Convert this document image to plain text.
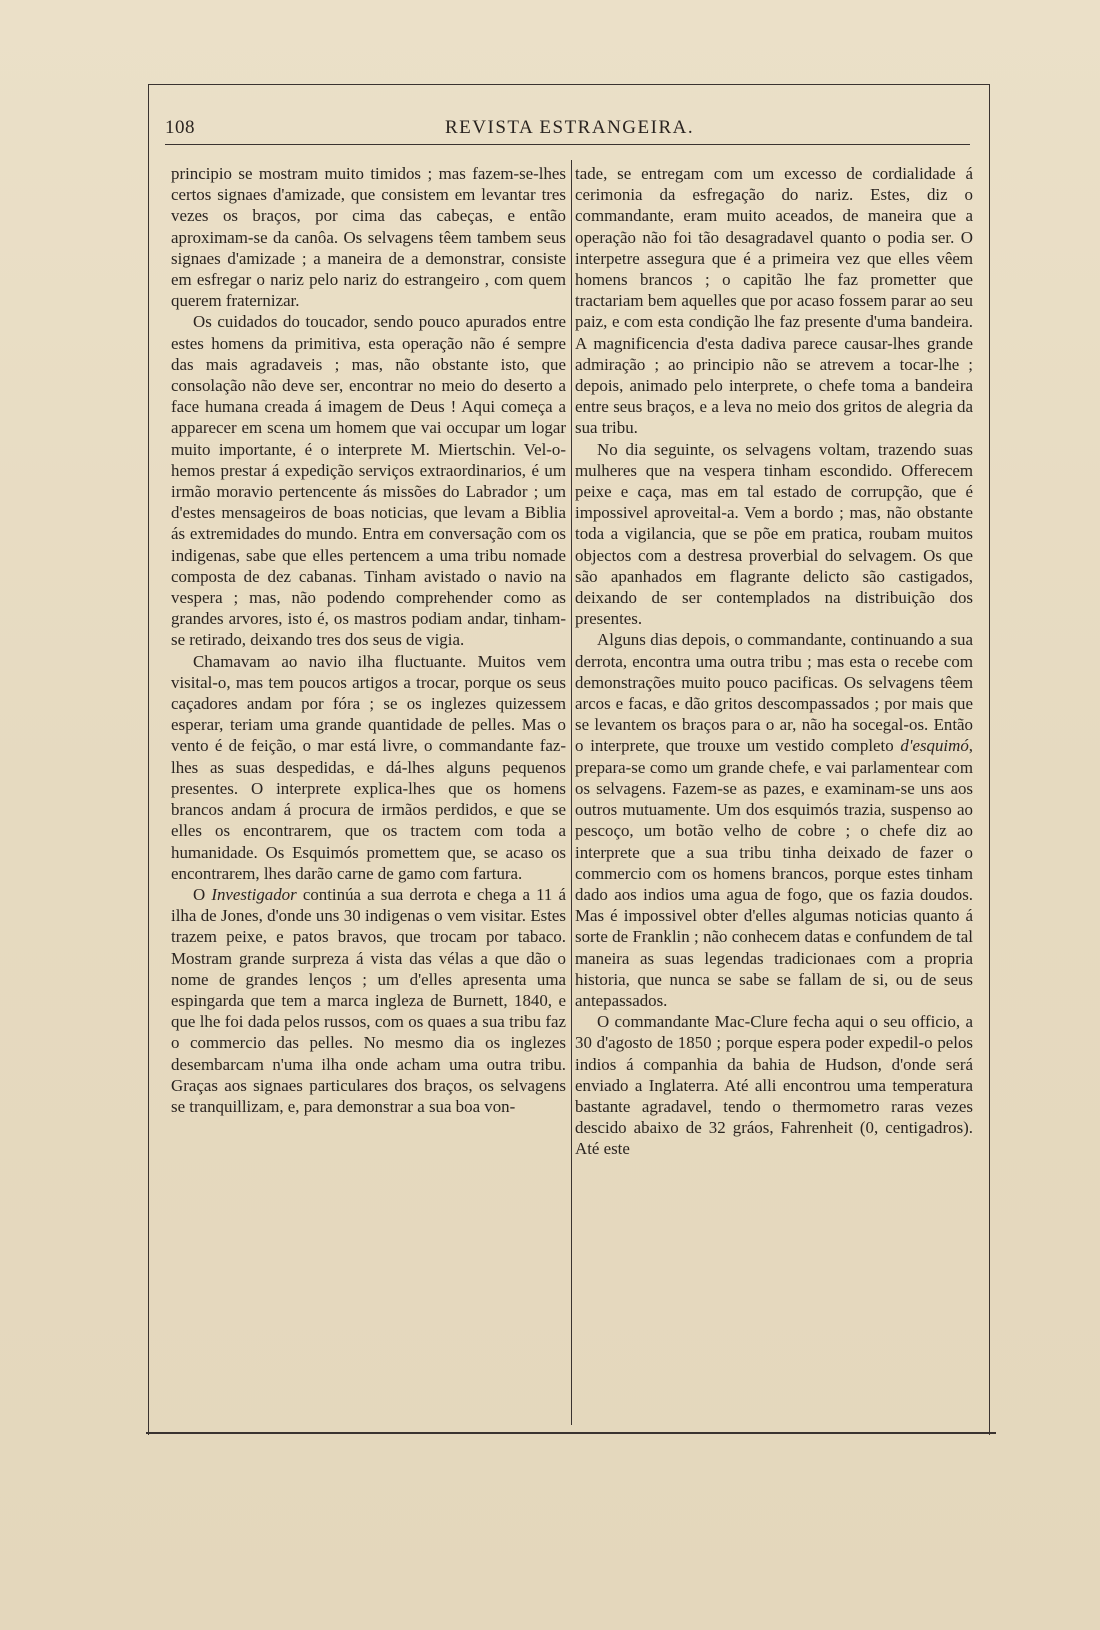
108	REVISTA ESTRANGEIRA.

principio se mostram muito timidos ; mas fazem-se-lhes certos signaes d'amizade, que consistem em levantar tres vezes os braços, por cima das cabeças, e então aproximam-se da canôa. Os selvagens têem tambem seus signaes d'amizade ; a maneira de a demonstrar, consiste em esfregar o nariz pelo nariz do estrangeiro , com quem querem fraternizar.

Os cuidados do toucador, sendo pouco apurados entre estes homens da primitiva, esta operação não é sempre das mais agradaveis ; mas, não obstante isto, que consolação não deve ser, encontrar no meio do deserto a face humana creada á imagem de Deus ! Aqui começa a apparecer em scena um homem que vai occupar um logar muito importante, é o interprete M. Miertschin. Vel-o-hemos prestar á expedição serviços extraordinarios, é um irmão moravio pertencente ás missões do Labrador ; um d'estes mensageiros de boas noticias, que levam a Biblia ás extremidades do mundo. Entra em conversação com os indigenas, sabe que elles pertencem a uma tribu nomade composta de dez cabanas. Tinham avistado o navio na vespera ; mas, não podendo comprehender como as grandes arvores, isto é, os mastros podiam andar, tinham-se retirado, deixando tres dos seus de vigia.

Chamavam ao navio ilha fluctuante. Muitos vem visital-o, mas tem poucos artigos a trocar, porque os seus caçadores andam por fóra ; se os inglezes quizessem esperar, teriam uma grande quantidade de pelles. Mas o vento é de feição, o mar está livre, o commandante faz-lhes as suas despedidas, e dá-lhes alguns pequenos presentes. O interprete explica-lhes que os homens brancos andam á procura de irmãos perdidos, e que se elles os encontrarem, que os tractem com toda a humanidade. Os Esquimós promettem que, se acaso os encontrarem, lhes darão carne de gamo com fartura.

O Investigador continúa a sua derrota e chega a 11 á ilha de Jones, d'onde uns 30 indigenas o vem visitar. Estes trazem peixe, e patos bravos, que trocam por tabaco. Mostram grande surpreza á vista das vélas a que dão o nome de grandes lenços ; um d'elles apresenta uma espingarda que tem a marca ingleza de Burnett, 1840, e que lhe foi dada pelos russos, com os quaes a sua tribu faz o commercio das pelles. No mesmo dia os inglezes desembarcam n'uma ilha onde acham uma outra tribu. Graças aos signaes particulares dos braços, os selvagens se tranquillizam, e, para demonstrar a sua boa von-

tade, se entregam com um excesso de cordialidade á cerimonia da esfregação do nariz. Estes, diz o commandante, eram muito aceados, de maneira que a operação não foi tão desagradavel quanto o podia ser. O interpetre assegura que é a primeira vez que elles vêem homens brancos ; o capitão lhe faz prometter que tractariam bem aquelles que por acaso fossem parar ao seu paiz, e com esta condição lhe faz presente d'uma bandeira. A magnificencia d'esta dadiva parece causar-lhes grande admiração ; ao principio não se atrevem a tocar-lhe ; depois, animado pelo interprete, o chefe toma a bandeira entre seus braços, e a leva no meio dos gritos de alegria da sua tribu.

No dia seguinte, os selvagens voltam, trazendo suas mulheres que na vespera tinham escondido. Offerecem peixe e caça, mas em tal estado de corrupção, que é impossivel aproveital-a. Vem a bordo ; mas, não obstante toda a vigilancia, que se põe em pratica, roubam muitos objectos com a destresa proverbial do selvagem. Os que são apanhados em flagrante delicto são castigados, deixando de ser contemplados na distribuição dos presentes.

Alguns dias depois, o commandante, continuando a sua derrota, encontra uma outra tribu ; mas esta o recebe com demonstrações muito pouco pacificas. Os selvagens têem arcos e facas, e dão gritos descompassados ; por mais que se levantem os braços para o ar, não ha socegal-os. Então o interprete, que trouxe um vestido completo d'esquimó, prepara-se como um grande chefe, e vai parlamentear com os selvagens. Fazem-se as pazes, e examinam-se uns aos outros mutuamente. Um dos esquimós trazia, suspenso ao pescoço, um botão velho de cobre ; o chefe diz ao interprete que a sua tribu tinha deixado de fazer o commercio com os homens brancos, porque estes tinham dado aos indios uma agua de fogo, que os fazia doudos. Mas é impossivel obter d'elles algumas noticias quanto á sorte de Franklin ; não conhecem datas e confundem de tal maneira as suas legendas tradicionaes com a propria historia, que nunca se sabe se fallam de si, ou de seus antepassados.

O commandante Mac-Clure fecha aqui o seu officio, a 30 d'agosto de 1850 ; porque espera poder expedil-o pelos indios á companhia da bahia de Hudson, d'onde será enviado a Inglaterra. Até alli encontrou uma temperatura bastante agradavel, tendo o thermometro raras vezes descido abaixo de 32 gráos, Fahrenheit (0, centigadros). Até este
